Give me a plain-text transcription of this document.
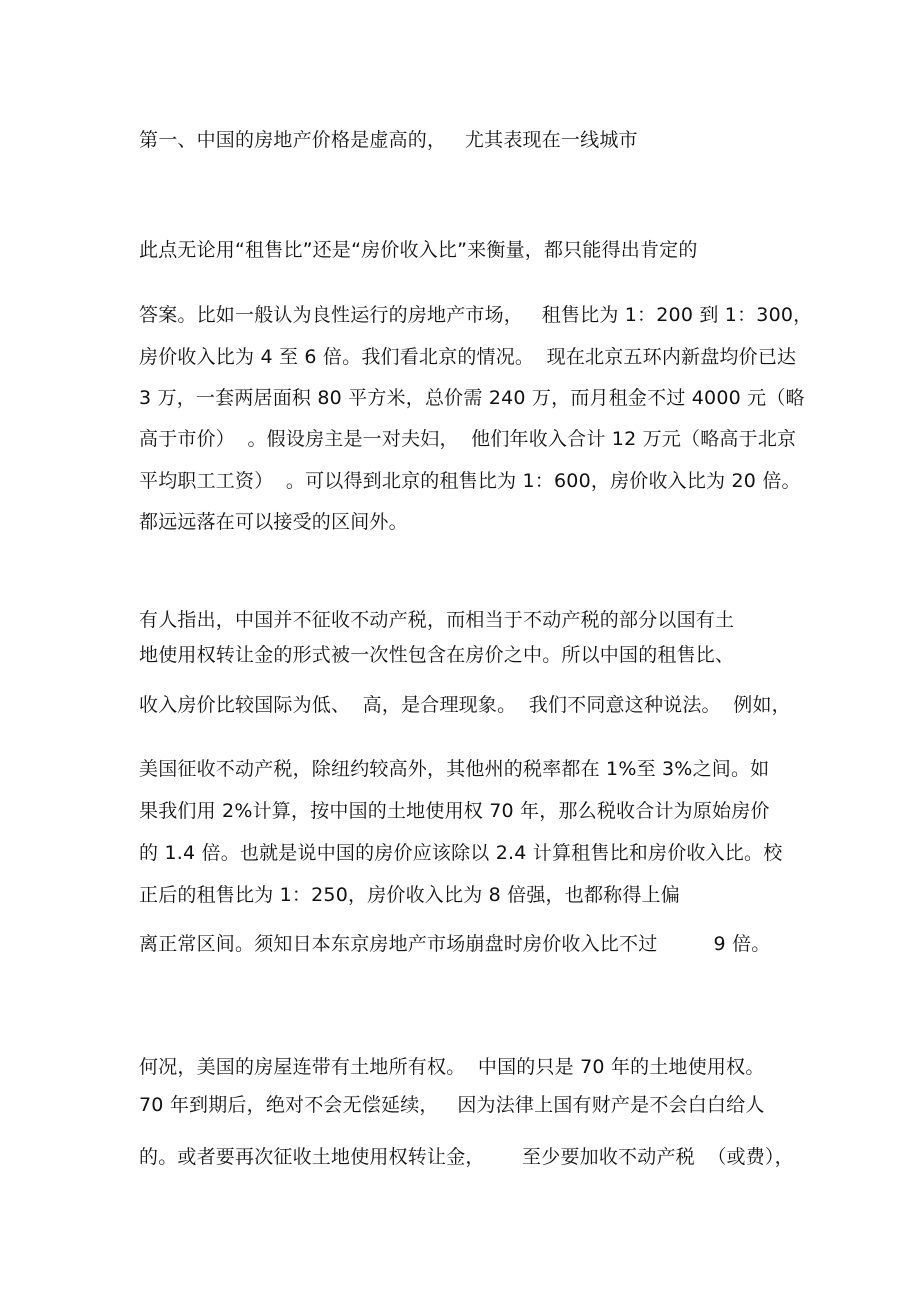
第一、中国的房地产价格是虚高的，   尤其表现在一线城市
此点无论用“租售比”还是“房价收入比”来衡量，都只能得出肯定的
答案。比如一般认为良性运行的房地产市场，   租售比为 1：200 到 1：300，
房价收入比为 4 至 6 倍。我们看北京的情况。  现在北京五环内新盘均价已达
3 万，一套两居面积 80 平方米，总价需 240 万，而月租金不过 4000 元（略
高于市价）  。假设房主是一对夫妇，  他们年收入合计 12 万元（略高于北京
平均职工工资）  。可以得到北京的租售比为 1：600，房价收入比为 20 倍。
都远远落在可以接受的区间外。
有人指出，中国并不征收不动产税，而相当于不动产税的部分以国有土
地使用权转让金的形式被一次性包含在房价之中。所以中国的租售比、
收入房价比较国际为低、  高，是合理现象。  我们不同意这种说法。  例如，
美国征收不动产税，除纽约较高外，其他州的税率都在 1%至 3%之间。如
果我们用 2%计算，按中国的土地使用权 70 年，那么税收合计为原始房价
的 1.4 倍。也就是说中国的房价应该除以 2.4 计算租售比和房价收入比。校
正后的租售比为 1：250，房价收入比为 8 倍强，也都称得上偏
离正常区间。须知日本东京房地产市场崩盘时房价收入比不过         9 倍。
何况，美国的房屋连带有土地所有权。  中国的只是 70 年的土地使用权。
70 年到期后，绝对不会无偿延续，   因为法律上国有财产是不会白白给人
的。或者要再次征收土地使用权转让金，      至少要加收不动产税  （或费），
